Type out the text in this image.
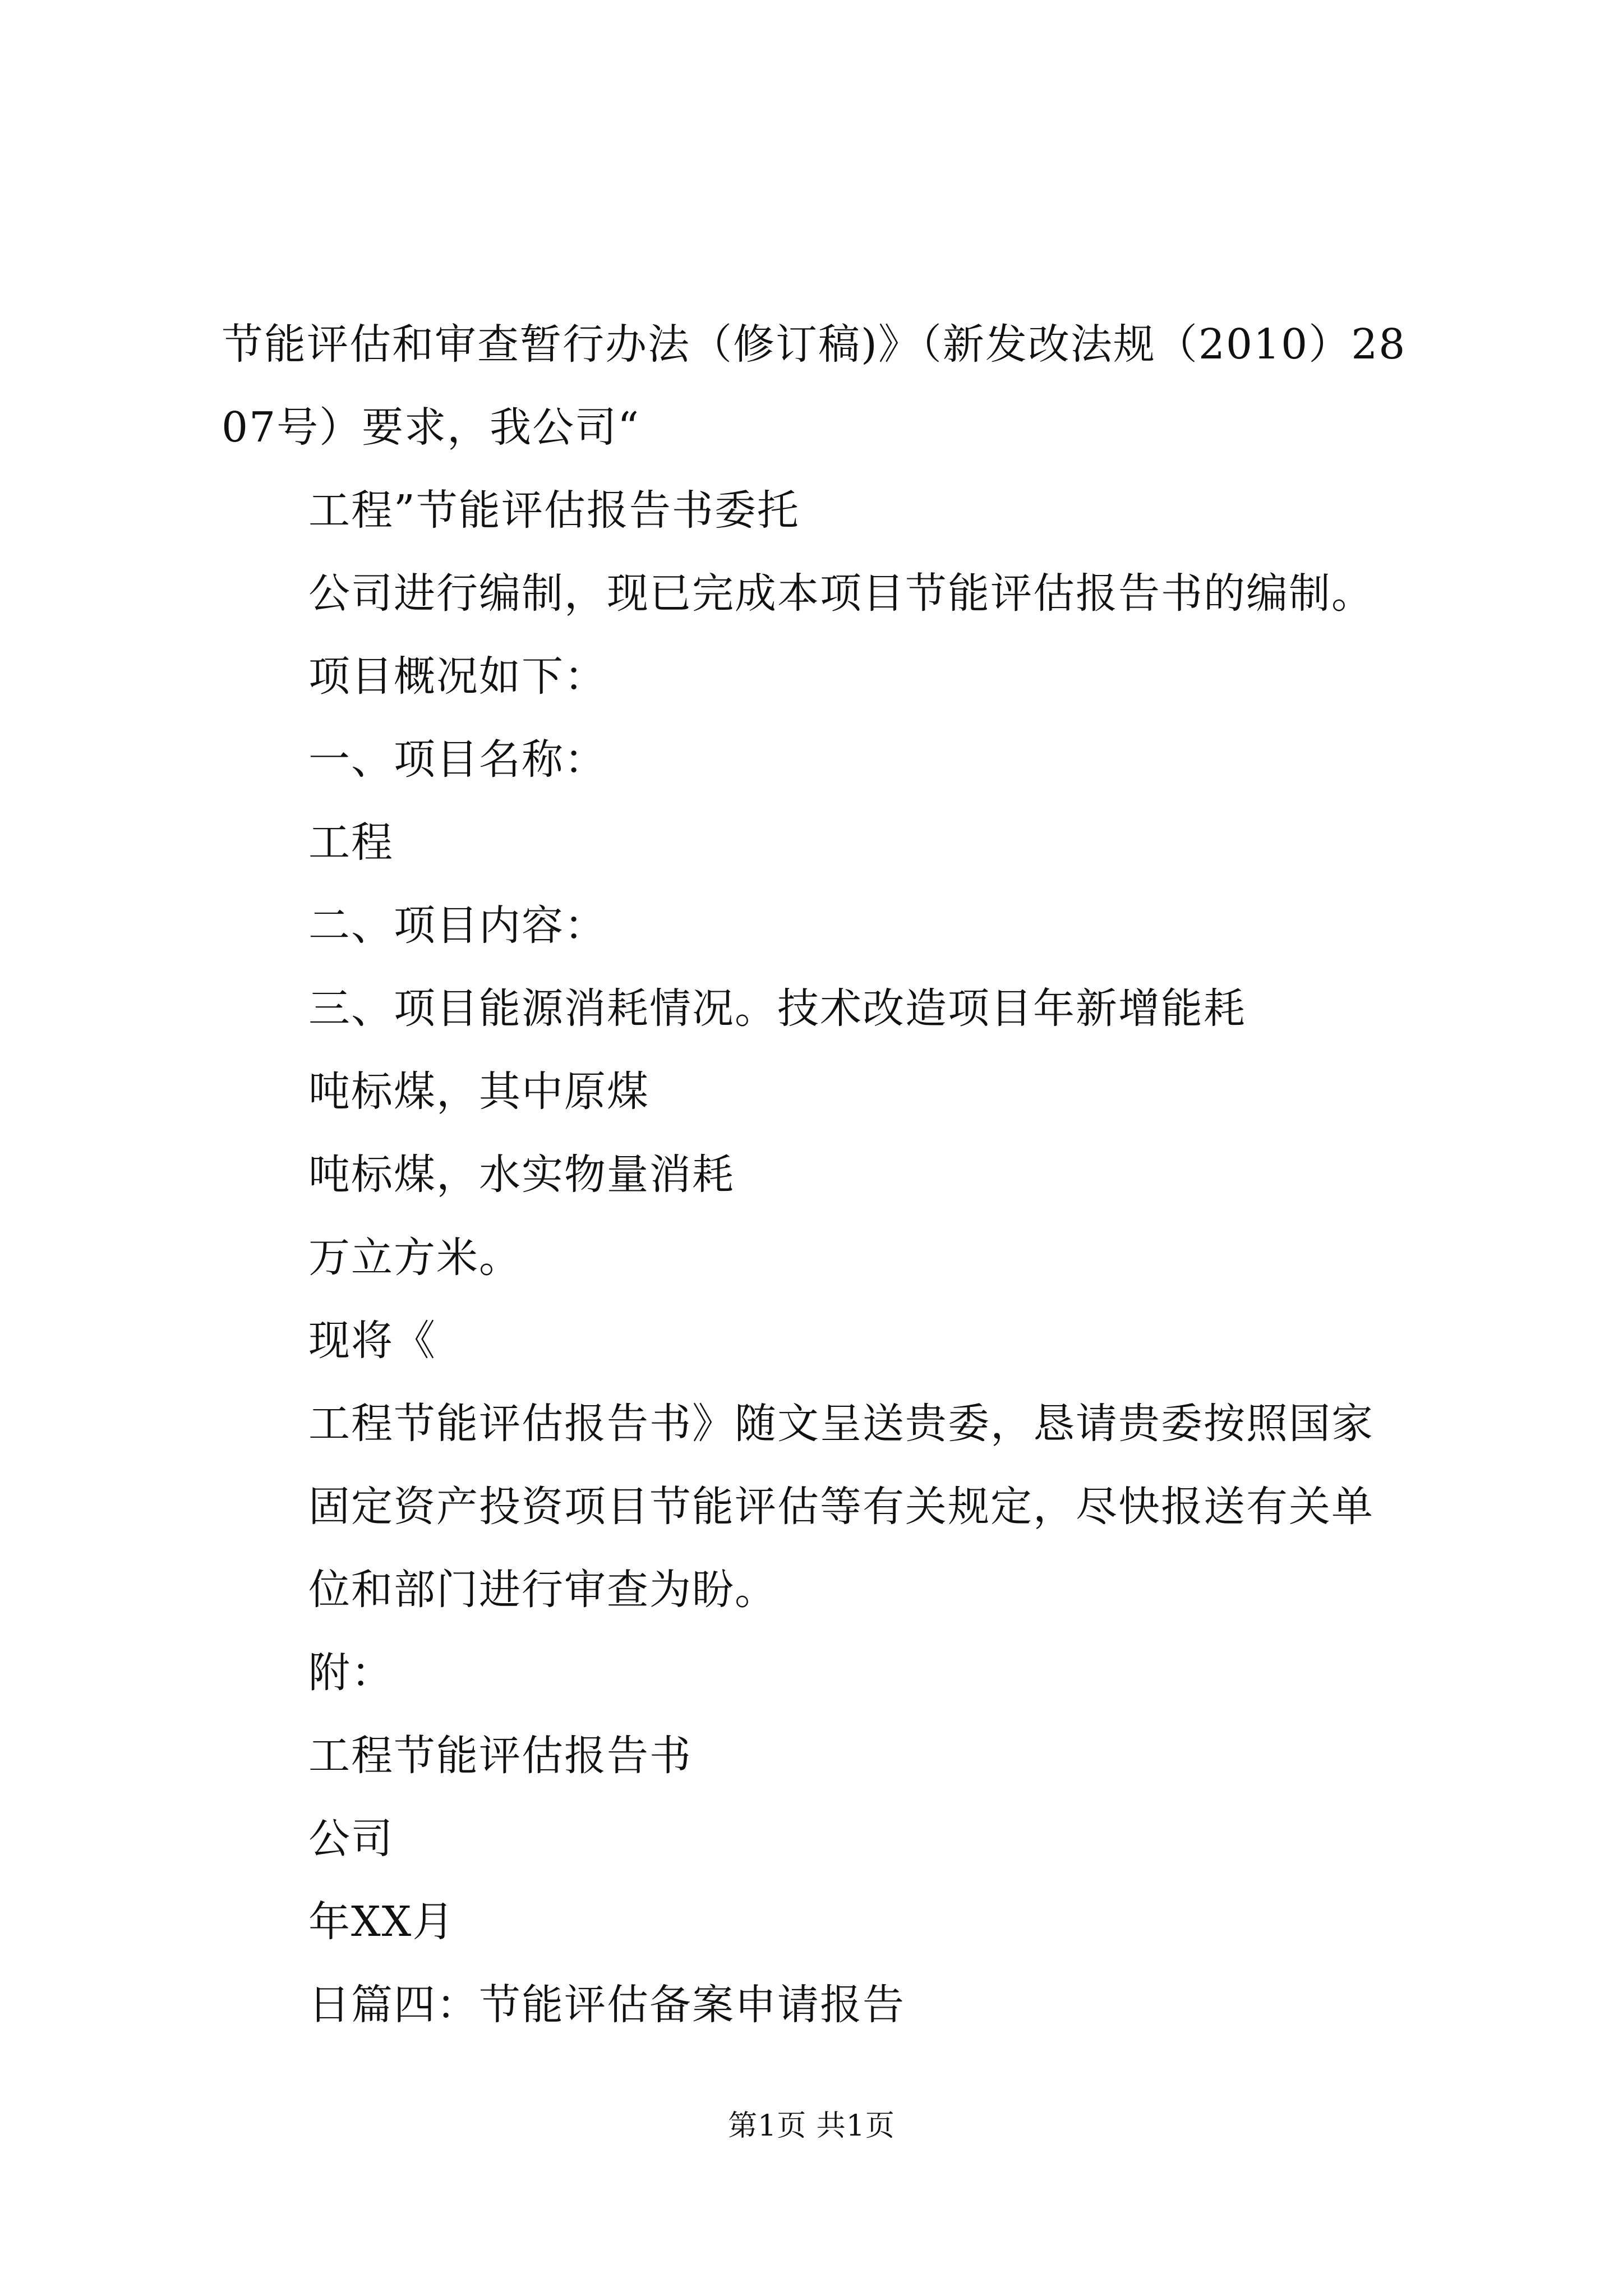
节能评估和审查暂行办法（修订稿)》（新发改法规（2010）2807号）要求，我公司“

工程”节能评估报告书委托

公司进行编制，现已完成本项目节能评估报告书的编制。

项目概况如下：

一、项目名称：

工程

二、项目内容：

三、项目能源消耗情况。技术改造项目年新增能耗

吨标煤，其中原煤

吨标煤，水实物量消耗

万立方米。

现将《

工程节能评估报告书》随文呈送贵委，恳请贵委按照国家固定资产投资项目节能评估等有关规定，尽快报送有关单位和部门进行审查为盼。

附：

工程节能评估报告书

公司

年XX月

日篇四：节能评估备案申请报告

第1页 共1页
